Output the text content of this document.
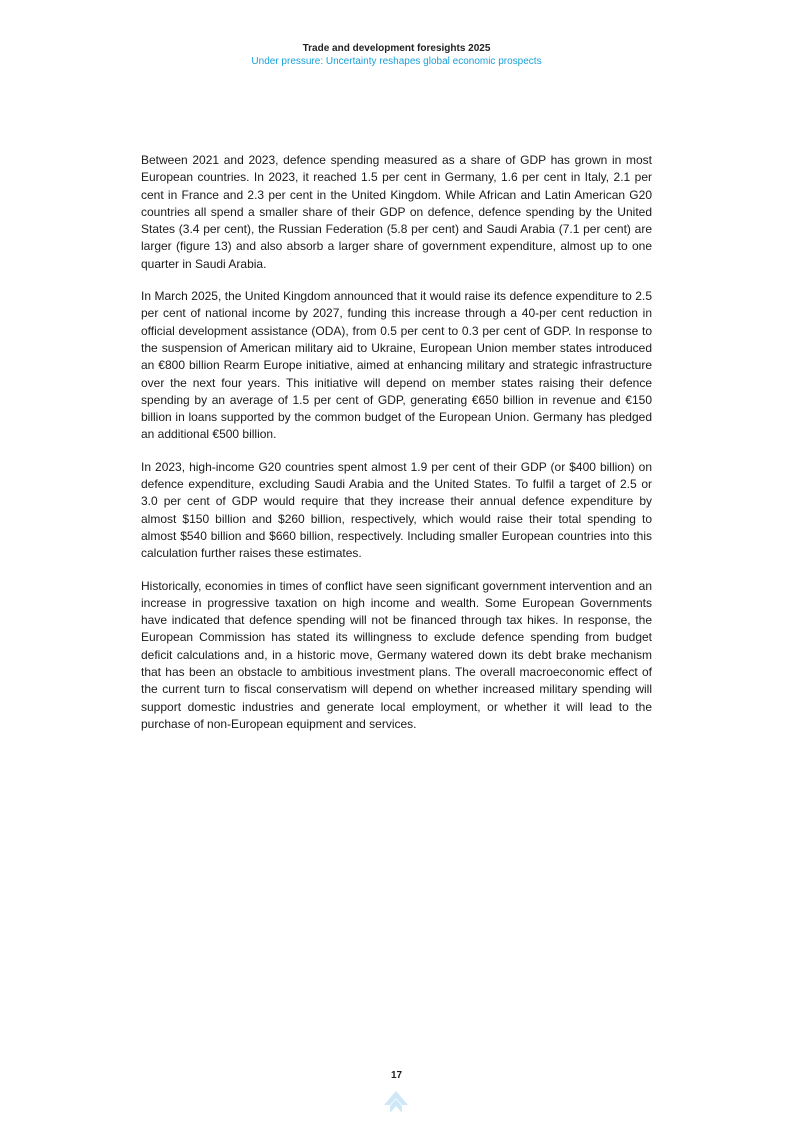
Trade and development foresights 2025
Under pressure: Uncertainty reshapes global economic prospects

Between 2021 and 2023, defence spending measured as a share of GDP has grown in most European countries. In 2023, it reached 1.5 per cent in Germany, 1.6 per cent in Italy, 2.1 per cent in France and 2.3 per cent in the United Kingdom. While African and Latin American G20 countries all spend a smaller share of their GDP on defence, defence spending by the United States (3.4 per cent), the Russian Federation (5.8 per cent) and Saudi Arabia (7.1 per cent) are larger (figure 13) and also absorb a larger share of government expenditure, almost up to one quarter in Saudi Arabia.

In March 2025, the United Kingdom announced that it would raise its defence expenditure to 2.5 per cent of national income by 2027, funding this increase through a 40-per cent reduction in official development assistance (ODA), from 0.5 per cent to 0.3 per cent of GDP. In response to the suspension of American military aid to Ukraine, European Union member states introduced an €800 billion Rearm Europe initiative, aimed at enhancing military and strategic infrastructure over the next four years. This initiative will depend on member states raising their defence spending by an average of 1.5 per cent of GDP, generating €650 billion in revenue and €150 billion in loans supported by the common budget of the European Union. Germany has pledged an additional €500 billion.

In 2023, high-income G20 countries spent almost 1.9 per cent of their GDP (or $400 billion) on defence expenditure, excluding Saudi Arabia and the United States. To fulfil a target of 2.5 or 3.0 per cent of GDP would require that they increase their annual defence expenditure by almost $150 billion and $260 billion, respectively, which would raise their total spending to almost $540 billion and $660 billion, respectively. Including smaller European countries into this calculation further raises these estimates.

Historically, economies in times of conflict have seen significant government intervention and an increase in progressive taxation on high income and wealth. Some European Governments have indicated that defence spending will not be financed through tax hikes. In response, the European Commission has stated its willingness to exclude defence spending from budget deficit calculations and, in a historic move, Germany watered down its debt brake mechanism that has been an obstacle to ambitious investment plans. The overall macroeconomic effect of the current turn to fiscal conservatism will depend on whether increased military spending will support domestic industries and generate local employment, or whether it will lead to the purchase of non-European equipment and services.

17
